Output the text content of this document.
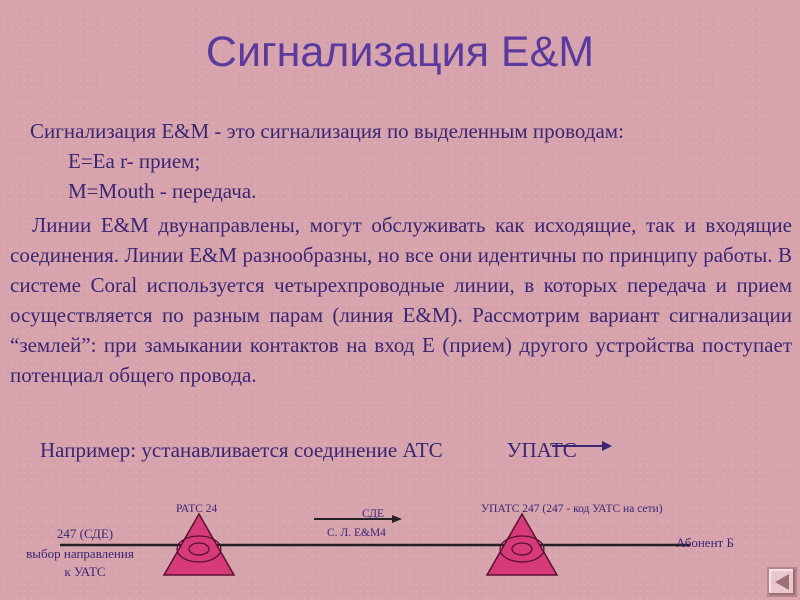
Сигнализация E&M
Сигнализация E&M - это сигнализация по выделенным проводам:
E=Ea r- прием;
M=Mouth - передача.
Линии E&M двунаправлены, могут обслуживать как исходящие, так и входящие соединения. Линии E&M разнообразны, но все они идентичны по принципу работы. В системе Coral используется четырехпроводные линии, в которых передача и прием осуществляется по разным парам (линия E&M). Рассмотрим вариант сигнализации “землей”: при замыкании контактов на вход E (прием) другого устройства поступает потенциал общего провода.
Например: устанавливается соединение АТС	УПАТС
РАТС 24	УПАТС 247 (247 - код УАТС на сети)
СДЕ
С. Л. E&M4
247 (СДЕ)
выбор направления
к УАТС
Абонент Б
